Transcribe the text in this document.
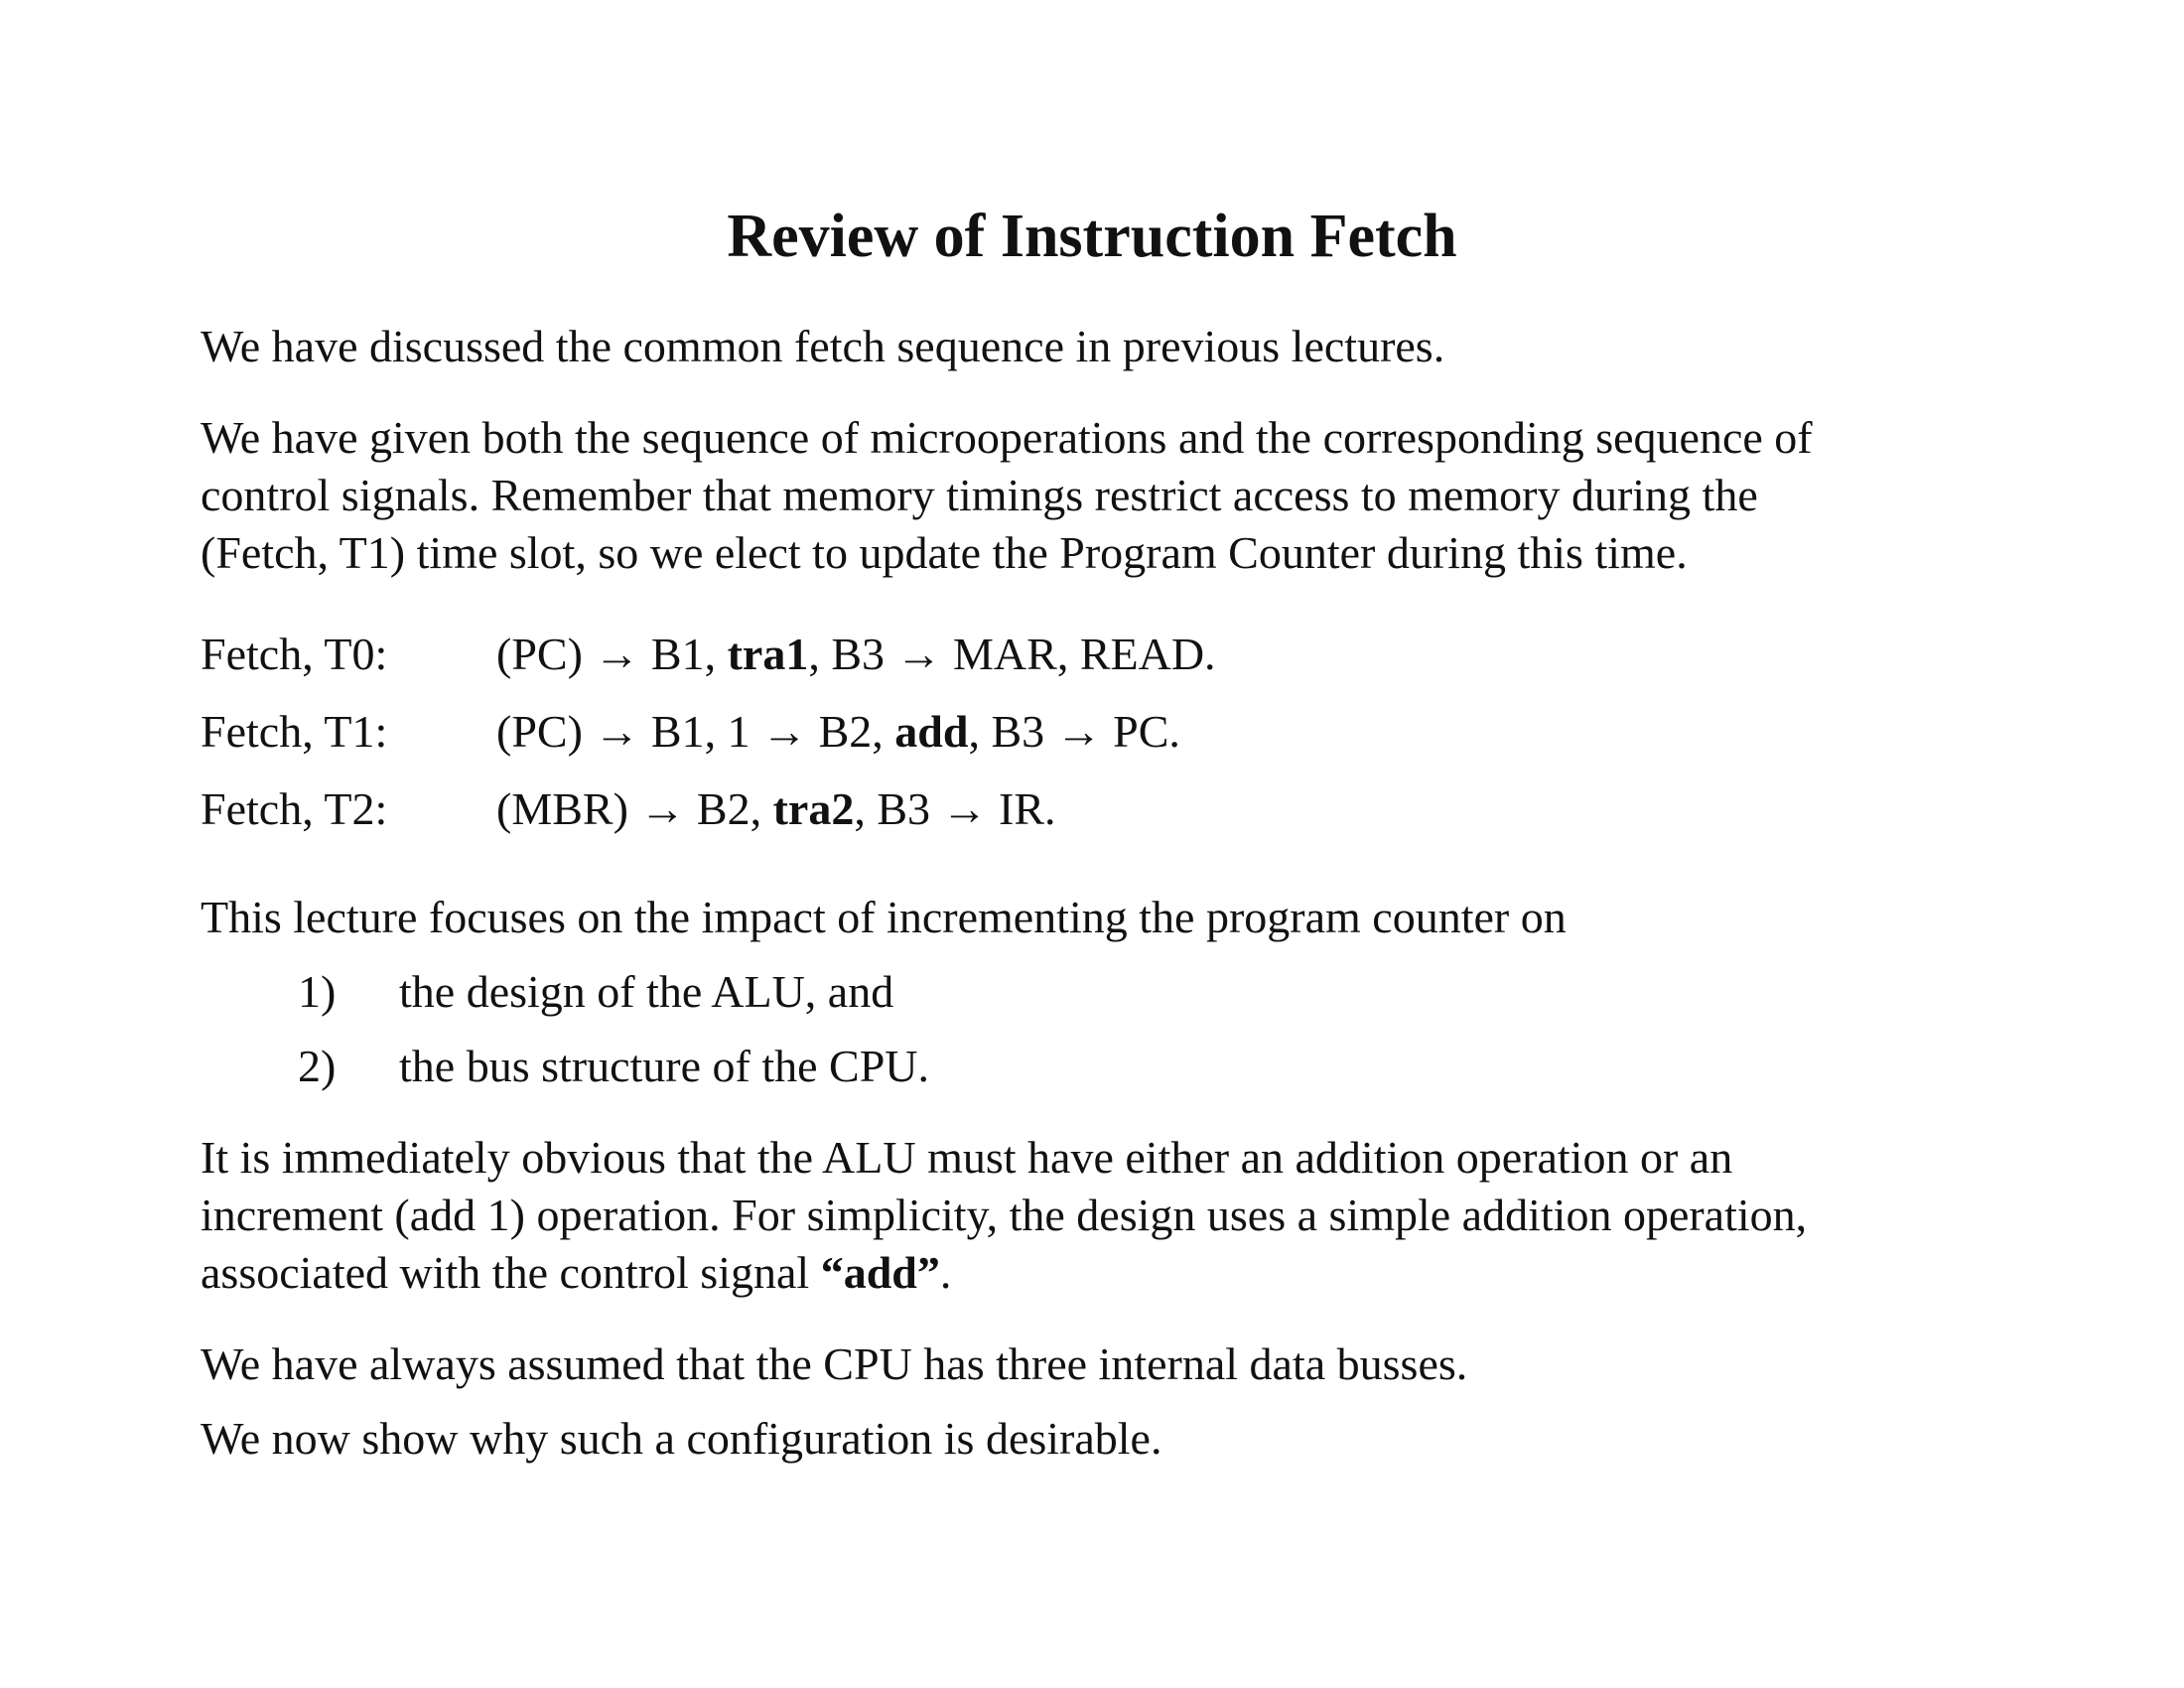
Review of Instruction Fetch

We have discussed the common fetch sequence in previous lectures.

We have given both the sequence of microoperations and the corresponding sequence of
control signals. Remember that memory timings restrict access to memory during the
(Fetch, T1) time slot, so we elect to update the Program Counter during this time.
Fetch, T0: (PC) → B1, tra1, B3 → MAR, READ.
Fetch, T1: (PC) → B1, 1 → B2, add, B3 → PC.
Fetch, T2: (MBR) → B2, tra2, B3 → IR.

This lecture focuses on the impact of incrementing the program counter on

1) the design of the ALU, and
2) the bus structure of the CPU.
It is immediately obvious that the ALU must have either an addition operation or an
increment (add 1) operation. For simplicity, the design uses a simple addition operation,
associated with the control signal “add”.

We have always assumed that the CPU has three internal data busses.

We now show why such a configuration is desirable.
